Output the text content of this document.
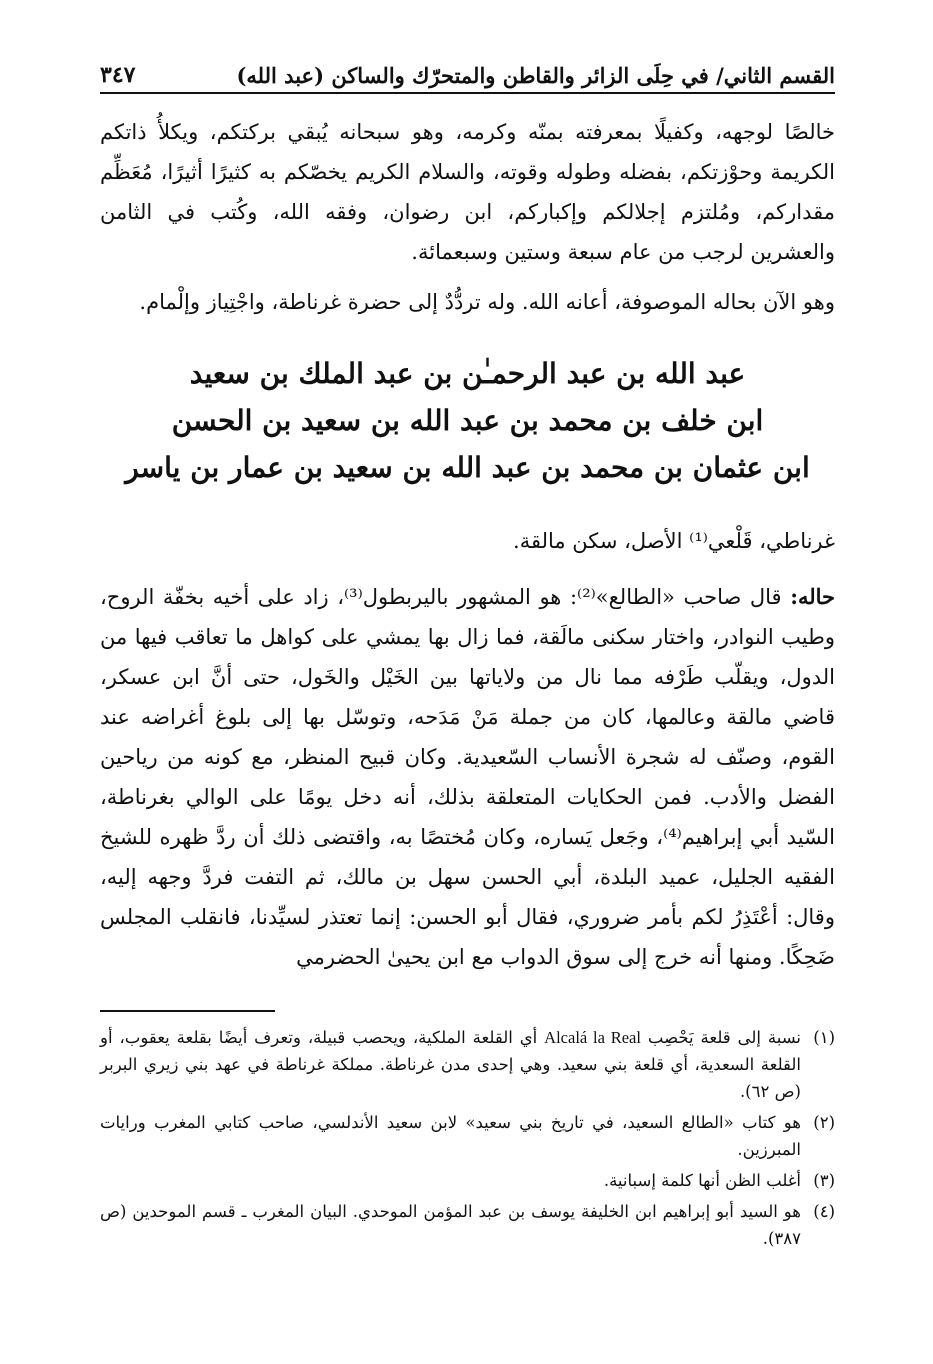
القسم الثاني/ في حِلَى الزائر والقاطن والمتحرّك والساكن (عبد الله)
٣٤٧

خالصًا لوجهه، وكفيلًا بمعرفته بمنّه وكرمه، وهو سبحانه يُبقي بركتكم، ويكلأُ ذاتكم الكريمة وحوْزتكم، بفضله وطوله وقوته، والسلام الكريم يخصّكم به كثيرًا أثيرًا، مُعَظِّم مقداركم، ومُلتزم إجلالكم وإكباركم، ابن رضوان، وفقه الله، وكُتب في الثامن والعشرين لرجب من عام سبعة وستين وسبعمائة.

وهو الآن بحاله الموصوفة، أعانه الله. وله تردُّدٌ إلى حضرة غرناطة، واجْتِياز وإلْمام.

عبد الله بن عبد الرحمـٰن بن عبد الملك بن سعيد
ابن خلف بن محمد بن عبد الله بن سعيد بن الحسن
ابن عثمان بن محمد بن عبد الله بن سعيد بن عمار بن ياسر

غرناطي، قَلْعي⁽¹⁾ الأصل، سكن مالقة.

حاله: قال صاحب «الطالع»⁽²⁾: هو المشهور باليربطول⁽³⁾، زاد على أخيه بخفّة الروح، وطيب النوادر، واختار سكنى مالَقة، فما زال بها يمشي على كواهل ما تعاقب فيها من الدول، ويقلّب طَرْفه مما نال من ولاياتها بين الخَيْل والخَول، حتى أنَّ ابن عسكر، قاضي مالقة وعالمها، كان من جملة مَنْ مَدَحه، وتوسّل بها إلى بلوغ أغراضه عند القوم، وصنّف له شجرة الأنساب السّعيدية. وكان قبيح المنظر، مع كونه من رياحين الفضل والأدب. فمن الحكايات المتعلقة بذلك، أنه دخل يومًا على الوالي بغرناطة، السّيد أبي إبراهيم⁽⁴⁾، وجَعل يَساره، وكان مُختصًا به، واقتضى ذلك أن ردَّ ظهره للشيخ الفقيه الجليل، عميد البلدة، أبي الحسن سهل بن مالك، ثم التفت فردَّ وجهه إليه، وقال: أعْتَذِرُ لكم بأمر ضروري، فقال أبو الحسن: إنما تعتذر لسيِّدنا، فانقلب المجلس ضَحِكًا. ومنها أنه خرج إلى سوق الدواب مع ابن يحيىٰ الحضرمي

(١)
نسبة إلى قلعة يَحْصِب Alcalá la Real أي القلعة الملكية، ويحصب قبيلة، وتعرف أيضًا بقلعة يعقوب، أو القلعة السعدية، أي قلعة بني سعيد. وهي إحدى مدن غرناطة. مملكة غرناطة في عهد بني زيري البربر (ص ٦٢).
(٢)
هو كتاب «الطالع السعيد، في تاريخ بني سعيد» لابن سعيد الأندلسي، صاحب كتابي المغرب ورايات المبرزين.
(٣)
أغلب الظن أنها كلمة إسبانية.
(٤)
هو السيد أبو إبراهيم ابن الخليفة يوسف بن عبد المؤمن الموحدي. البيان المغرب ـ قسم الموحدين (ص ٣٨٧).
